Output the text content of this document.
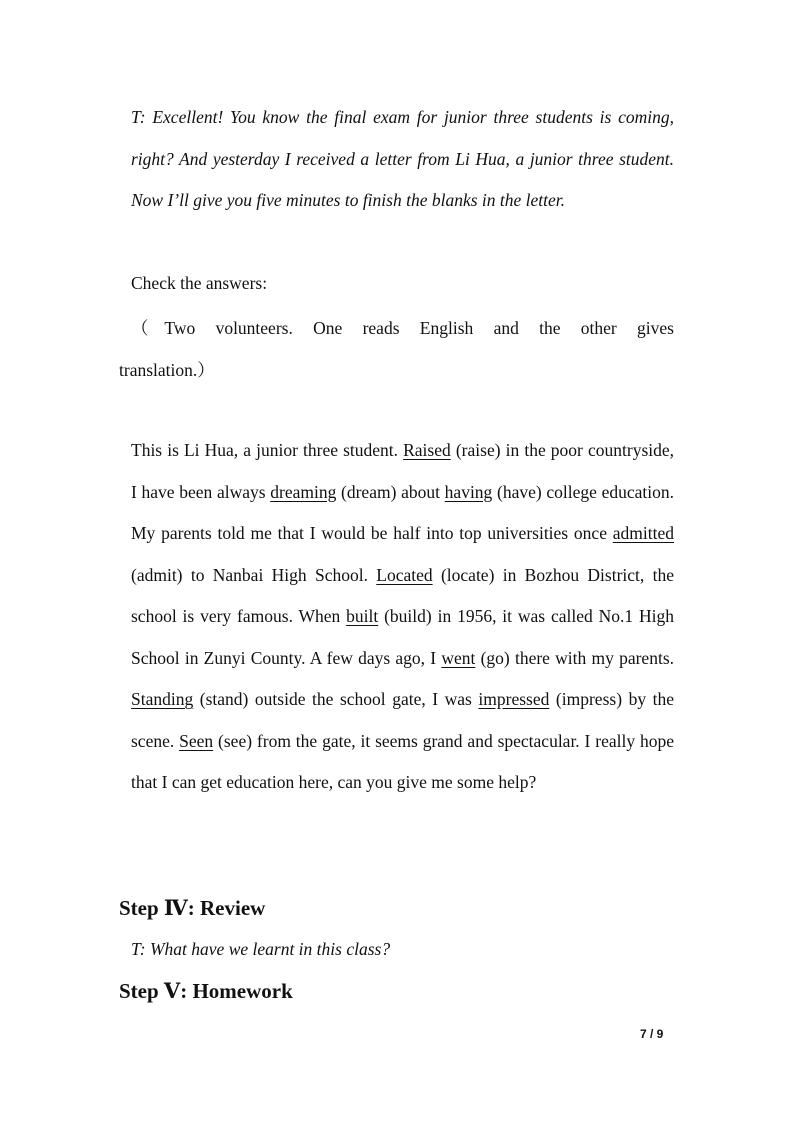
T: Excellent! You know the final exam for junior three students is coming, right? And yesterday I received a letter from Li Hua, a junior three student. Now I’ll give you five minutes to finish the blanks in the letter.
Check the answers:
（Two volunteers. One reads English and the other gives
translation.）
This is Li Hua, a junior three student. Raised (raise) in the poor countryside, I have been always dreaming (dream) about having (have) college education. My parents told me that I would be half into top universities once admitted (admit) to Nanbai High School. Located (locate) in Bozhou District, the school is very famous. When built (build) in 1956, it was called No.1 High School in Zunyi County. A few days ago, I went (go) there with my parents. Standing (stand) outside the school gate, I was impressed (impress) by the scene. Seen (see) from the gate, it seems grand and spectacular. I really hope that I can get education here, can you give me some help?
Step Ⅳ: Review
T: What have we learnt in this class?
Step Ⅴ: Homework
7 / 9
